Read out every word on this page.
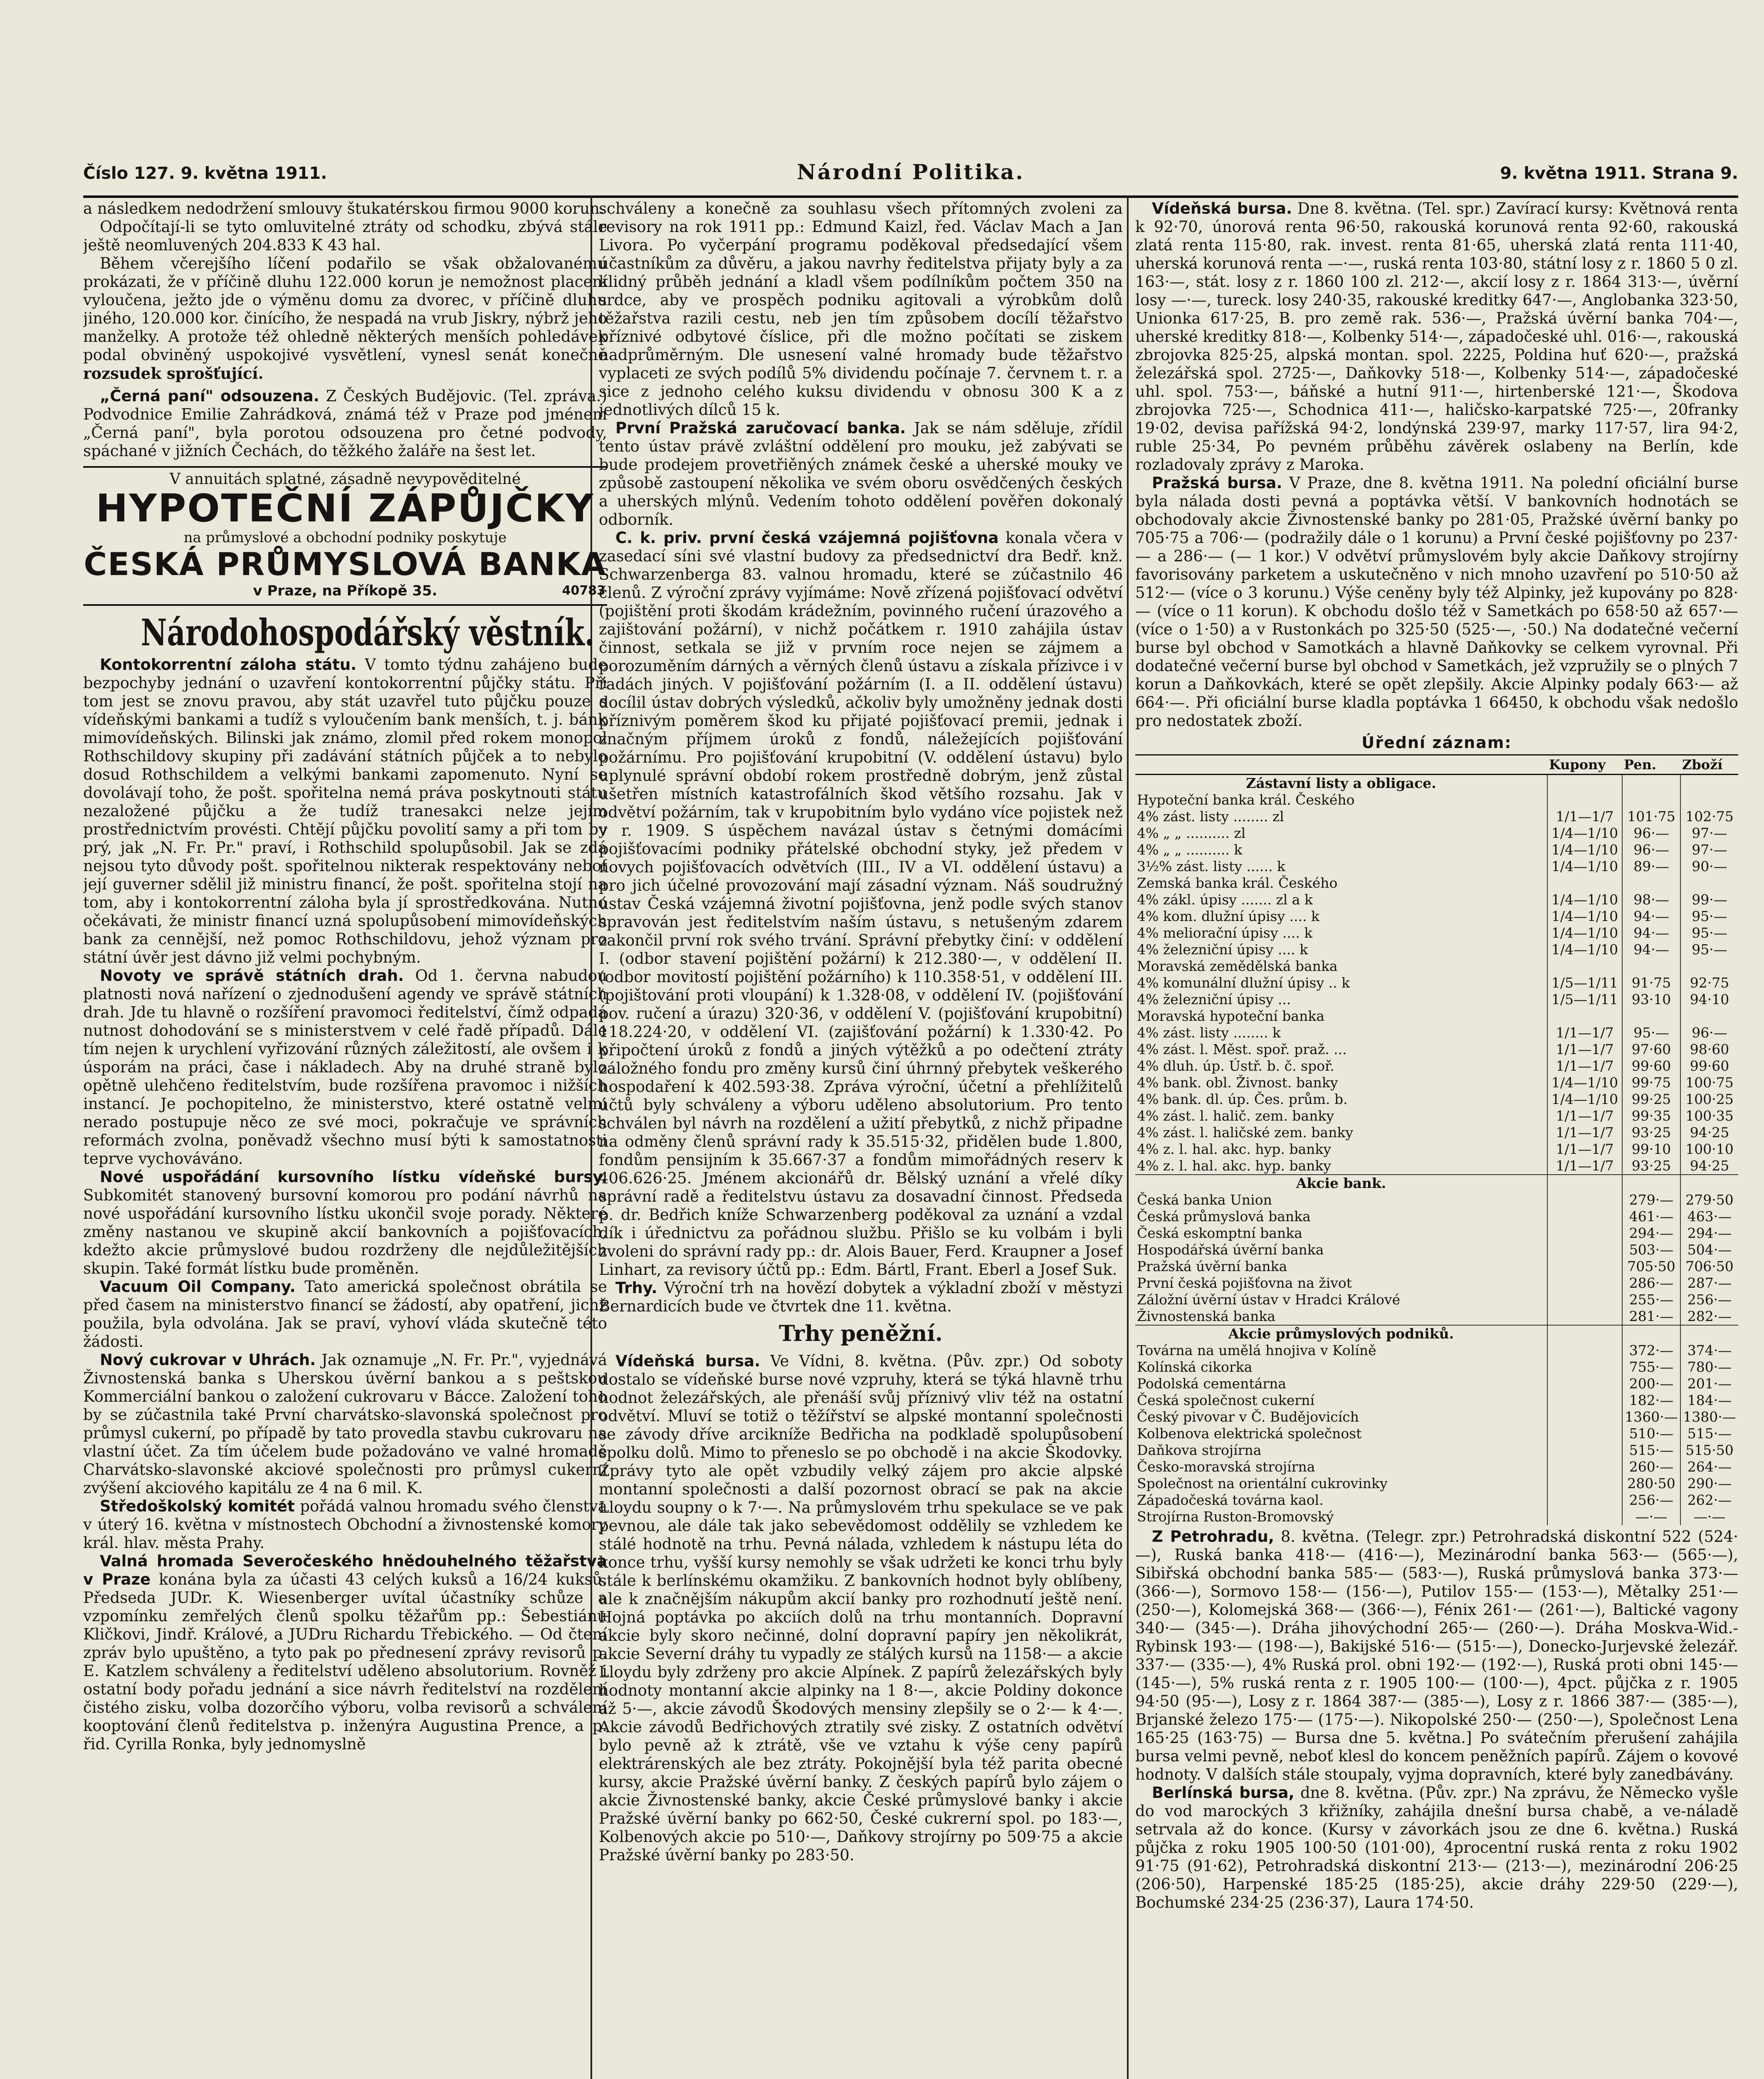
Číslo 127. 9. května 1911.	Národní Politika.	9. května 1911. Strana 9.

a následkem nedodržení smlouvy štukatérskou firmou 9000 korun.

Odpočítají-li se tyto omluvitelné ztráty od schodku, zbývá stále ještě neomluvených 204.833 K 43 hal.

Během včerejšího líčení podařilo se však obžalovanému prokázati, že v příčině dluhu 122.000 korun je nemožnost placení vyloučena, ježto jde o výměnu domu za dvorec, v příčině dluhu jiného, 120.000 kor. činícího, že nespadá na vrub Jiskry, nýbrž jeho manželky. A protože též ohledně některých menších pohledávek podal obviněný uspokojivé vysvětlení, vynesl senát konečně rozsudek sprošťující.

„Černá paní" odsouzena. Z Českých Budějovic. (Tel. zpráva.) Podvodnice Emilie Zahrádková, známá též v Praze pod jménem „Černá paní", byla porotou odsouzena pro četné podvody, spáchané v jižních Čechách, do těžkého žaláře na šest let.

V annuitách splatné, zásadně nevypověditelné
HYPOTEČNÍ ZÁPŮJČKY
na průmyslové a obchodní podniky poskytuje
ČESKÁ PRŮMYSLOVÁ BANKA
v Praze, na Příkopě 35.	40783
Národohospodářský věstník.

Kontokorrentní záloha státu. V tomto týdnu zahájeno bude bezpochyby jednání o uzavření kontokorrentní půjčky státu. Při tom jest se znovu pravou, aby stát uzavřel tuto půjčku pouze s vídeňskými bankami a tudíž s vyloučením bank menších, t. j. bánk mimovídeňských. Bilinski jak známo, zlomil před rokem monopol Rothschildovy skupiny při zadávání státních půjček a to nebylo dosud Rothschildem a velkými bankami zapomenuto. Nyní se dovolávají toho, že pošt. spořitelna nemá práva poskytnouti státu nezaložené půjčku a že tudíž tranesakci nelze jejím prostřednictvím provésti. Chtějí půjčku povolití samy a při tom by prý, jak „N. Fr. Pr." praví, i Rothschild spolupůsobil. Jak se zdá nejsou tyto důvody pošt. spořitelnou nikterak respektovány nebof její guverner sdělil již ministru financí, že pošt. spořitelna stojí na tom, aby i kontokorrentní záloha byla jí sprostředkována. Nutno očekávati, že ministr financí uzná spolupůsobení mimovídeňských bank za cennější, než pomoc Rothschildovu, jehož význam pro státní úvěr jest dávno již velmi pochybným.

Novoty ve správě státních drah. Od 1. června nabudou platnosti nová nařízení o zjednodušení agendy ve správě státních drah. Jde tu hlavně o rozšíření pravomoci ředitelství, čímž odpadá nutnost dohodování se s ministerstvem v celé řadě případů. Dále tím nejen k urychlení vyřizování různých záležitostí, ale ovšem i k úsporám na práci, čase i nákladech. Aby na druhé straně bylo opětně ulehčeno ředitelstvím, bude rozšířena pravomoc i nižších instancí. Je pochopitelno, že ministerstvo, které ostatně velmi nerado postupuje něco ze své moci, pokračuje ve správních reformách zvolna, poněvadž všechno musí býti k samostatnosti teprve vychováváno.

Nové uspořádání kursovního lístku vídeňské bursy. Subkomitét stanovený bursovní komorou pro podání návrhů na nové uspořádání kursovního lístku ukončil svoje porady. Některé změny nastanou ve skupině akcií bankovních a pojišťovacích, kdežto akcie průmyslové budou rozdrženy dle nejdůležitějších skupin. Také formát lístku bude proměněn.

Vacuum Oil Company. Tato americká společnost obrátila se před časem na ministerstvo financí se žádostí, aby opatření, jichž použila, byla odvolána. Jak se praví, vyhoví vláda skutečně této žádosti.

Nový cukrovar v Uhrách. Jak oznamuje „N. Fr. Pr.", vyjednává Živnostenská banka s Uherskou úvěrní bankou a s peštskou Kommerciální bankou o založení cukrovaru v Bácce. Založení toho by se zúčastnila také První charvátsko-slavonská společnost pro průmysl cukerní, po případě by tato provedla stavbu cukrovaru na vlastní účet. Za tím účelem bude požadováno ve valné hromadě Charvátsko-slavonské akciové společnosti pro průmysl cukerní zvýšení akciového kapitálu ze 4 na 6 mil. K.

Středoškolský komitét pořádá valnou hromadu svého členstva v úterý 16. května v místnostech Obchodní a živnostenské komory král. hlav. města Prahy.

Valná hromada Severočeského hnědouhelného těžařstva v Praze konána byla za účasti 43 celých kuksů a 16/24 kuksů. Předseda JUDr. K. Wiesenberger uvítal účastníky schůze a vzpomínku zemřelých členů spolku těžařům pp.: Šebestiánu Kličkovi, Jindř. Králové, a JUDru Richardu Třebického. — Od čtení zpráv bylo upuštěno, a tyto pak po přednesení zprávy revisorů p. E. Katzlem schváleny a ředitelství uděleno absolutorium. Rovněž i ostatní body pořadu jednání a sice návrh ředitelství na rozdělení čistého zisku, volba dozorčího výboru, volba revisorů a schválení kooptování členů ředitelstva p. inženýra Augustina Prence, a p. řid. Cyrilla Ronka, byly jednomyslně

schváleny a konečně za souhlasu všech přítomných zvoleni za revisory na rok 1911 pp.: Edmund Kaizl, řed. Václav Mach a Jan Livora. Po vyčerpání programu poděkoval předsedající všem účastníkům za důvěru, a jakou navrhy ředitelstva přijaty byly a za klidný průběh jednání a kladl všem podílníkům počtem 350 na srdce, aby ve prospěch podniku agitovali a výrobkům dolů těžařstva razili cestu, neb jen tím způsobem docílí těžařstvo příznivé odbytové číslice, při dle možno počítati se ziskem nadprůměrným. Dle usnesení valné hromady bude těžařstvo vyplaceti ze svých podílů 5% dividendu počínaje 7. červnem t. r. a sice z jednoho celého kuksu dividendu v obnosu 300 K a z jednotlivých dílců 15 k.

První Pražská zaručovací banka. Jak se nám sděluje, zřídil tento ústav právě zvláštní oddělení pro mouku, jež zabývati se bude prodejem provetřiěných známek české a uherské mouky ve způsobě zastoupení několika ve svém oboru osvědčených českých a uherských mlýnů. Vedením tohoto oddělení pověřen dokonalý odborník.

C. k. priv. první česká vzájemná pojišťovna konala včera v zasedací síni své vlastní budovy za předsednictví dra Bedř. knž. Schwarzenberga 83. valnou hromadu, které se zúčastnilo 46 členů. Z výroční zprávy vyjímáme: Nově zřízená pojišťovací odvětví (pojištění proti škodám krádežním, povinného ručení úrazového a zajištování požární), v nichž počátkem r. 1910 zahájila ústav činnost, setkala se již v prvním roce nejen se zájmem a porozuměním dárných a věrných členů ústavu a získala přízivce i v řadách jiných. V pojišťování požárním (I. a II. oddělení ústavu) docílil ústav dobrých výsledků, ačkoliv byly umožněny jednak dosti příznivým poměrem škod ku přijaté pojišťovací premii, jednak i značným příjmem úroků z fondů, náležejících pojišťování požárnímu. Pro pojišťování krupobitní (V. oddělení ústavu) bylo uplynulé správní období rokem prostředně dobrým, jenž zůstal ušetřen místních katastrofálních škod většího rozsahu. Jak v odvětví požárním, tak v krupobitním bylo vydáno více pojistek než v r. 1909. S úspěchem navázal ústav s četnými domácími pojišťovacími podniky přátelské obchodní styky, jež předem v novych pojišťovacích odvětvích (III., IV a VI. oddělení ústavu) a pro jich účelné provozování mají zásadní význam. Náš soudružný ústav Česká vzájemná životní pojišťovna, jenž podle svých stanov spravován jest ředitelstvím naším ústavu, s netušeným zdarem zakončil první rok svého trvání. Správní přebytky činí: v oddělení I. (odbor stavení pojištění požární) k 212.380·—, v oddělení II. (odbor movitostí pojištění požárního) k 110.358·51, v oddělení III. (pojištování proti vloupání) k 1.328·08, v oddělení IV. (pojišťování pov. ručení a úrazu) 320·36, v oddělení V. (pojišťování krupobitní) 118.224·20, v oddělení VI. (zajišťování požární) k 1.330·42. Po připočtení úroků z fondů a jiných výtěžků a po odečtení ztráty záložného fondu pro změny kursů činí úhrnný přebytek veškerého hospodaření k 402.593·38. Zpráva výroční, účetní a přehlížitelů účtů byly schváleny a výboru uděleno absolutorium. Pro tento schválen byl návrh na rozdělení a užití přebytků, z nichž připadne na odměny členů správní rady k 35.515·32, přidělen bude 1.800, fondům pensijním k 35.667·37 a fondům mimořádných reserv k 406.626·25. Jménem akcionářů dr. Bělský uznání a vřelé díky správní radě a ředitelstvu ústavu za dosavadní činnost. Předseda p. dr. Bedřich kníže Schwarzenberg poděkoval za uznání a vzdal dík i úřednictvu za pořádnou službu. Přišlo se ku volbám i byli zvoleni do správní rady pp.: dr. Alois Bauer, Ferd. Kraupner a Josef Linhart, za revisory účtů pp.: Edm. Bártl, Frant. Eberl a Josef Suk.

Trhy. Výroční trh na hovězí dobytek a výkladní zboží v městyzi Bernardicích bude ve čtvrtek dne 11. května.

Trhy peněžní.

Vídeňská bursa. Ve Vídni, 8. května. (Pův. zpr.) Od soboty dostalo se vídeňské burse nové vzpruhy, která se týká hlavně trhu hodnot železářských, ale přenáší svůj příznivý vliv též na ostatní odvětví. Mluví se totiž o těžířství se alpské montanní společnosti se závody dříve arcikníže Bedřicha na podkladě spolupůsobení spolku dolů. Mimo to přeneslo se po obchodě i na akcie Škodovky. Zprávy tyto ale opět vzbudily velký zájem pro akcie alpské montanní společnosti a další pozornost obrací se pak na akcie Lloydu soupny o k 7·—. Na průmyslovém trhu spekulace se ve pak pevnou, ale dále tak jako sebevědomost oddělily se vzhledem ke stálé hodnotě na trhu. Pevná nálada, vzhledem k nástupu léta do konce trhu, vyšší kursy nemohly se však udržeti ke konci trhu byly stále k berlínskému okamžiku. Z bankovních hodnot byly oblíbeny, ale k značnějším nákupům akcií banky pro rozhodnutí ještě není. Hojná poptávka po akciích dolů na trhu montanních. Dopravní akcie byly skoro nečinné, dolní dopravní papíry jen několikrát, akcie Severní dráhy tu vypadly ze stálých kursů na 1158·— a akcie Lloydu byly zdrženy pro akcie Alpínek. Z papírů železářských byly hodnoty montanní akcie alpinky na 1 8·—, akcie Poldiny dokonce až 5·—, akcie závodů Škodových mensiny zlepšily se o 2·— k 4·—. Akcie závodů Bedřichových ztratily své zisky. Z ostatních odvětví bylo pevně až k ztrátě, vše ve vztahu k výše ceny papírů elektrárenských ale bez ztráty. Pokojnější byla též parita obecné kursy, akcie Pražské úvěrní banky. Z českých papírů bylo zájem o akcie Živnostenské banky, akcie České průmyslové banky i akcie Pražské úvěrní banky po 662·50, České cukrerní spol. po 183·—, Kolbenových akcie po 510·—, Daňkovy strojírny po 509·75 a akcie Pražské úvěrní banky po 283·50.

Vídeňská bursa. Dne 8. května. (Tel. spr.) Zavírací kursy: Květnová renta k 92·70, únorová renta 96·50, rakouská korunová renta 92·60, rakouská zlatá renta 115·80, rak. invest. renta 81·65, uherská zlatá renta 111·40, uherská korunová renta —·—, ruská renta 103·80, státní losy z r. 1860 5 0 zl. 163·—, stát. losy z r. 1860 100 zl. 212·—, akcií losy z r. 1864 313·—, úvěrní losy —·—, tureck. losy 240·35, rakouské kreditky 647·—, Anglobanka 323·50, Unionka 617·25, B. pro země rak. 536·—, Pražská úvěrní banka 704·—, uherské kreditky 818·—, Kolbenky 514·—, západočeské uhl. 016·—, rakouská zbrojovka 825·25, alpská montan. spol. 2225, Poldina huť 620·—, pražská železářská spol. 2725·—, Daňkovky 518·—, Kolbenky 514·—, západočeské uhl. spol. 753·—, báňské a hutní 911·—, hirtenberské 121·—, Škodova zbrojovka 725·—, Schodnica 411·—, haličsko-karpatské 725·—, 20franky 19·02, devisa pařížská 94·2, londýnská 239·97, marky 117·57, lira 94·2, ruble 25·34, Po pevném průběhu závěrek oslabeny na Berlín, kde rozladovaly zprávy z Maroka.

Pražská bursa. V Praze, dne 8. května 1911. Na polední oficiální burse byla nálada dosti pevná a poptávka větší. V bankovních hodnotách se obchodovaly akcie Živnostenské banky po 281·05, Pražské úvěrní banky po 705·75 a 706·— (podražily dále o 1 korunu) a První české pojišťovny po 237·— a 286·— (— 1 kor.) V odvětví průmyslovém byly akcie Daňkovy strojírny favorisovány parketem a uskutečněno v nich mnoho uzavření po 510·50 až 512·— (více o 3 korunu.) Výše ceněny byly též Alpinky, jež kupovány po 828·— (více o 11 korun). K obchodu došlo též v Sametkách po 658·50 až 657·— (více o 1·50) a v Rustonkách po 325·50 (525·—, ·50.) Na dodatečné večerní burse byl obchod v Samotkách a hlavně Daňkovky se celkem vyrovnal. Při dodatečné večerní burse byl obchod v Sametkách, jež vzpružily se o plných 7 korun a Daňkovkách, které se opět zlepšily. Akcie Alpinky podaly 663·— až 664·—. Při oficiální burse kladla poptávka 1 66450, k obchodu však nedošlo pro nedostatek zboží.

Úřední záznam:
	Kupony	Pen.	Zboží
Zástavní listy a obligace.			
Hypoteční banka král. Českého			
4% zást. listy ........ zl	1/1—1/7	101·75	102·75
4% „ „ .......... zl	1/4—1/10	96·—	97·—
4% „ „ .......... k	1/4—1/10	96·—	97·—
3½% zást. listy ...... k	1/4—1/10	89·—	90·—
Zemská banka král. Českého			
4% zákl. úpisy ....... zl a k	1/4—1/10	98·—	99·—
4% kom. dlužní úpisy .... k	1/4—1/10	94·—	95·—
4% meliorační úpisy .... k	1/4—1/10	94·—	95·—
4% železniční úpisy .... k	1/4—1/10	94·—	95·—
Moravská zemědělská banka			
4% komunální dlužní úpisy .. k	1/5—1/11	91·75	92·75
4% železniční úpisy ...	1/5—1/11	93·10	94·10
Moravská hypoteční banka			
4% zást. listy ........ k	1/1—1/7	95·—	96·—
4% zást. l. Měst. spoř. praž. ...	1/1—1/7	97·60	98·60
4% dluh. úp. Ústř. b. č. spoř.	1/1—1/7	99·60	99·60
4% bank. obl. Živnost. banky	1/4—1/10	99·75	100·75
4% bank. dl. úp. Čes. prům. b.	1/4—1/10	99·25	100·25
4% zást. l. halič. zem. banky	1/1—1/7	99·35	100·35
4% zást. l. haličské zem. banky	1/1—1/7	93·25	94·25
4% z. l. hal. akc. hyp. banky	1/1—1/7	99·10	100·10
4% z. l. hal. akc. hyp. banky	1/1—1/7	93·25	94·25
Akcie bank.			
Česká banka Union		279·—	279·50
Česká průmyslová banka		461·—	463·—
Česká eskomptní banka		294·—	294·—
Hospodářská úvěrní banka		503·—	504·—
Pražská úvěrní banka		705·50	706·50
První česká pojišťovna na život		286·—	287·—
Záložní úvěrní ústav v Hradci Králové		255·—	256·—
Živnostenská banka		281·—	282·—
Akcie průmyslových podniků.			
Továrna na umělá hnojiva v Kolíně		372·—	374·—
Kolínská cikorka		755·—	780·—
Podolská cementárna		200·—	201·—
Česká společnost cukerní		182·—	184·—
Český pivovar v Č. Budějovicích		1360·—	1380·—
Kolbenova elektrická společnost		510·—	515·—
Daňkova strojírna		515·—	515·50
Česko-moravská strojírna		260·—	264·—
Společnost na orientální cukrovinky		280·50	290·—
Západočeská továrna kaol.		256·—	262·—
Strojírna Ruston-Bromovský		—·—	—·—

Z Petrohradu, 8. května. (Telegr. zpr.) Petrohradská diskontní 522 (524·—), Ruská banka 418·— (416·—), Mezinárodní banka 563·— (565·—), Sibiřská obchodní banka 585·— (583·—), Ruská průmyslová banka 373·— (366·—), Sormovo 158·— (156·—), Putilov 155·— (153·—), Mětalky 251·— (250·—), Kolomejská 368·— (366·—), Fénix 261·— (261·—), Baltické vagony 340·— (345·—). Dráha jihovýchodní 265·— (260·—). Dráha Moskva-Wid.-Rybinsk 193·— (198·—), Bakijské 516·— (515·—), Donecko-Jurjevské železář. 337·— (335·—), 4% Ruská prol. obni 192·— (192·—), Ruská proti obni 145·— (145·—), 5% ruská renta z r. 1905 100·— (100·—), 4pct. půjčka z r. 1905 94·50 (95·—), Losy z r. 1864 387·— (385·—), Losy z r. 1866 387·— (385·—), Brjanské železo 175·— (175·—). Nikopolské 250·— (250·—), Společnost Lena 165·25 (163·75) — Bursa dne 5. května.] Po svátečním přerušení zahájila bursa velmi pevně, neboť klesl do koncem peněžních papírů. Zájem o kovové hodnoty. V dalších stále stoupaly, vyjma dopravních, které byly zanedbávány.

Berlínská bursa, dne 8. května. (Pův. zpr.) Na zprávu, že Německo vyšle do vod marockých 3 křižníky, zahájila dnešní bursa chabě, a ve-náladě setrvala až do konce. (Kursy v závorkách jsou ze dne 6. května.) Ruská půjčka z roku 1905 100·50 (101·00), 4procentní ruská renta z roku 1902 91·75 (91·62), Petrohradská diskontní 213·— (213·—), mezinárodní 206·25 (206·50), Harpenské 185·25 (185·25), akcie dráhy 229·50 (229·—), Bochumské 234·25 (236·37), Laura 174·50.
